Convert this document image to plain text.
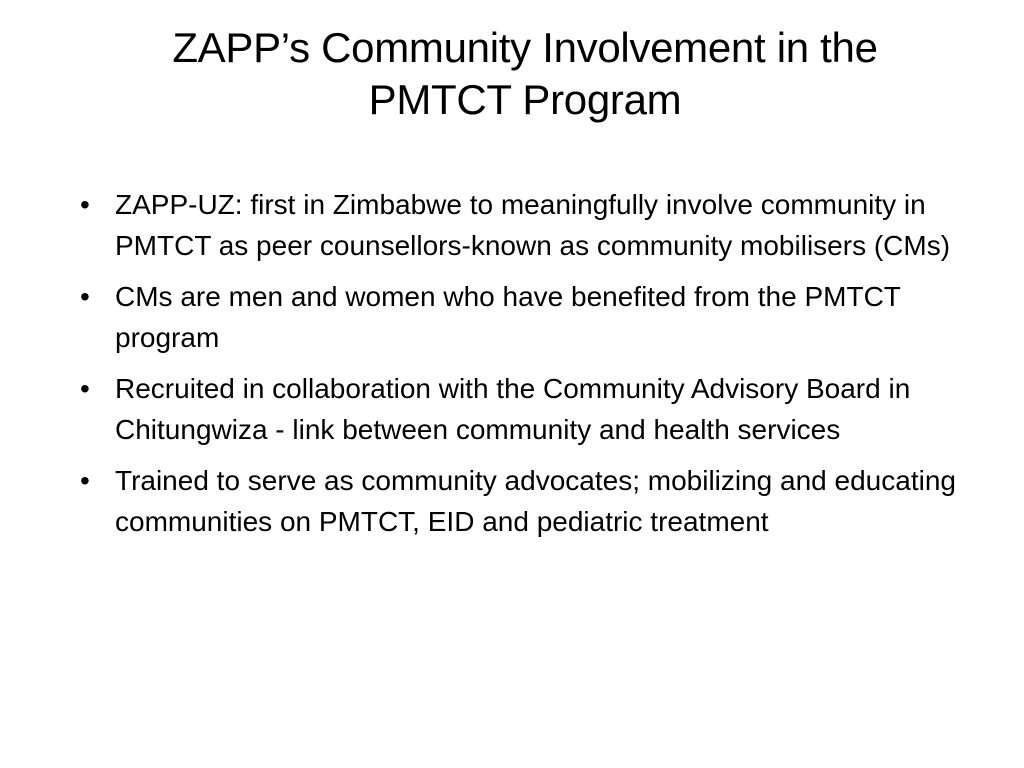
ZAPP’s Community Involvement in the
PMTCT Program
• ZAPP-UZ: first in Zimbabwe to meaningfully involve community in PMTCT as peer counsellors-known as community mobilisers (CMs)
• CMs are men and women who have benefited from the PMTCT program
• Recruited in collaboration with the Community Advisory Board in Chitungwiza - link between community and health services
• Trained to serve as community advocates; mobilizing and educating communities on PMTCT, EID and pediatric treatment
